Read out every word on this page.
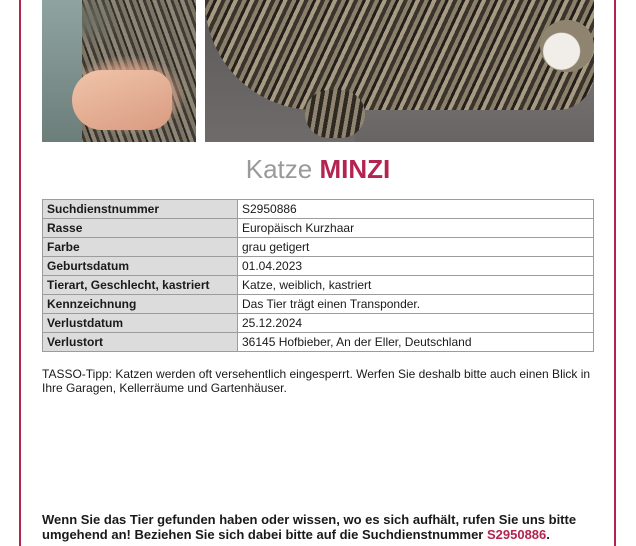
Katze MINZI
Suchdienstnummer	S2950886
Rasse	Europäisch Kurzhaar
Farbe	grau getigert
Geburtsdatum	01.04.2023
Tierart, Geschlecht, kastriert	Katze, weiblich, kastriert
Kennzeichnung	Das Tier trägt einen Transponder.
Verlustdatum	25.12.2024
Verlustort	36145 Hofbieber, An der Eller, Deutschland
TASSO-Tipp: Katzen werden oft versehentlich eingesperrt. Werfen Sie deshalb bitte auch einen Blick in Ihre Garagen, Kellerräume und Gartenhäuser.
Wenn Sie das Tier gefunden haben oder wissen, wo es sich aufhält, rufen Sie uns bitte umgehend an! Beziehen Sie sich dabei bitte auf die Suchdienstnummer S2950886.
